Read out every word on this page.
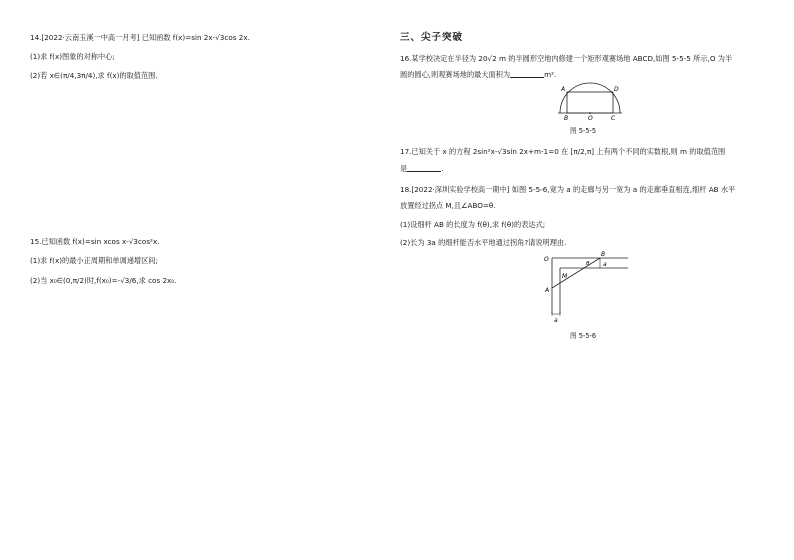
14.[2022·云南玉溪一中高一月考] 已知函数 f(x)=sin 2x-√3cos 2x.
(1)求 f(x)图象的对称中心;
(2)若 x∈(π/4,3π/4),求 f(x)的取值范围.
15.已知函数 f(x)=sin xcos x-√3cos²x.
(1)求 f(x)的最小正周期和单调递增区间;
(2)当 x₀∈(0,π/2)时,f(x₀)=-√3/6,求 cos 2x₀.
三、尖子突破
16.某学校决定在半径为 20√2 m 的半圆形空地内修建一个矩形观赛场地 ABCD,如图 5-5-5 所示,O 为半
圆的圆心,则观赛场地的最大面积为	m².
A	D
B	O	C
图 5-5-5
17.已知关于 x 的方程 2sin²x-√3sin 2x+m-1=0 在 [π/2,π] 上有两个不同的实数根,则 m 的取值范围
是	.
18.[2022·深圳实验学校高一期中] 如图 5-5-6,宽为 a 的走廊与另一宽为 a 的走廊垂直相连,细杆 AB 水平
放置经过拐点 M,且∠ABO=θ.
(1)设细杆 AB 的长度为 f(θ),求 f(θ)的表达式;
(2)长为 3a 的细杆能否水平地通过拐角?请说明理由.
O
B
θ
A
M
a
a
图 5-5-6
